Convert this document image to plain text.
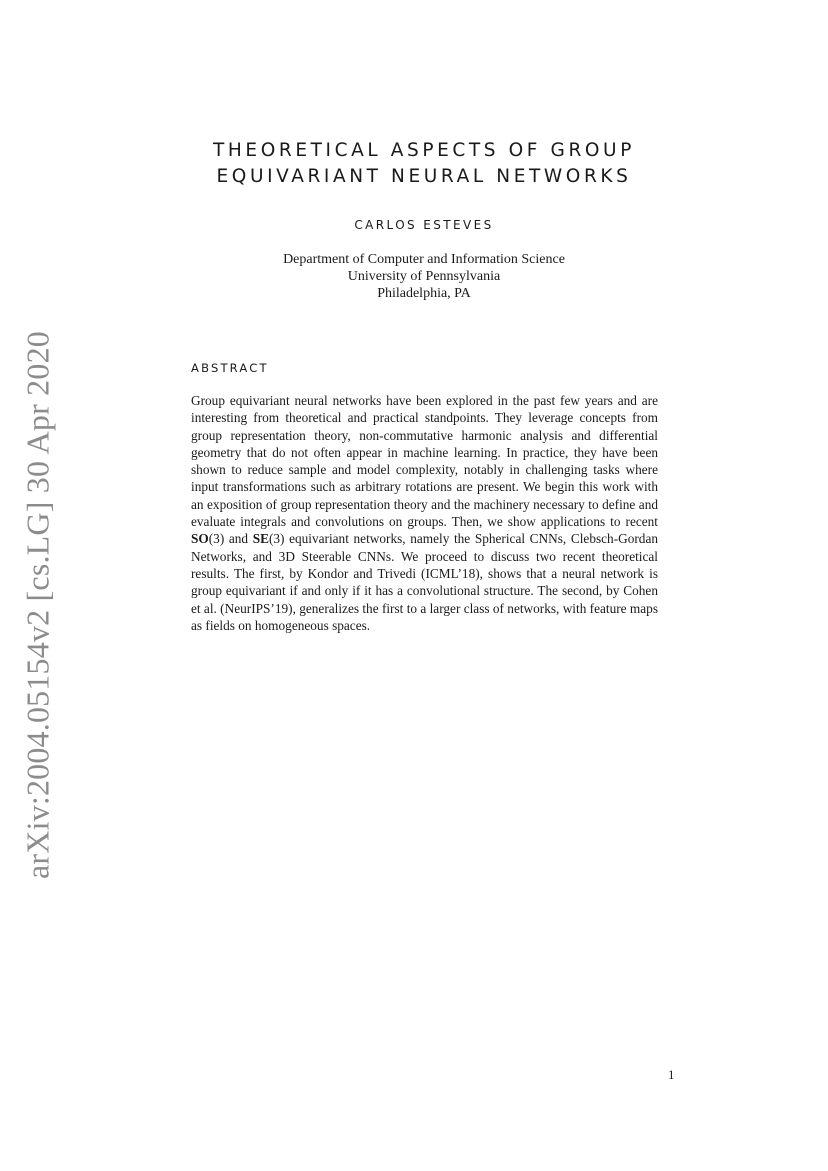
arXiv:2004.05154v2 [cs.LG] 30 Apr 2020
THEORETICAL ASPECTS OF GROUP
EQUIVARIANT NEURAL NETWORKS
CARLOS ESTEVES
Department of Computer and Information Science
University of Pennsylvania
Philadelphia, PA
ABSTRACT

Group equivariant neural networks have been explored in the past few years and are interesting from theoretical and practical standpoints. They leverage concepts from group representation theory, non-commutative harmonic analysis and differential geometry that do not often appear in machine learning. In practice, they have been shown to reduce sample and model complexity, notably in challenging tasks where input transformations such as arbitrary rotations are present. We begin this work with an exposition of group representation theory and the machinery necessary to define and evaluate integrals and convolutions on groups. Then, we show applications to recent SO(3) and SE(3) equivariant networks, namely the Spherical CNNs, Clebsch-Gordan Networks, and 3D Steerable CNNs. We proceed to discuss two recent theoretical results. The first, by Kondor and Trivedi (ICML’18), shows that a neural network is group equivariant if and only if it has a convolutional structure. The second, by Cohen et al. (NeurIPS’19), generalizes the first to a larger class of networks, with feature maps as fields on homogeneous spaces.

1
